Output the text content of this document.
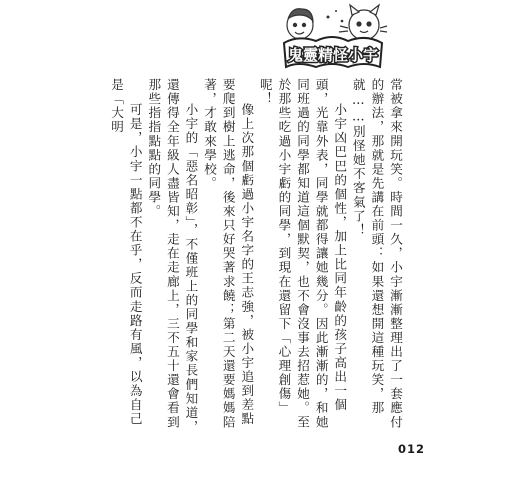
鬼靈精怪小宇

常被拿來開玩笑。時間一久，小宇漸漸整理出了一套應付的辦法，那就是先講在前頭：如果還想開這種玩笑，那就……別怪她不客氣了！

小宇凶巴巴的個性，加上比同年齡的孩子高出一個頭，光靠外表，同學就都得讓她幾分。因此漸漸的，和她同班過的同學都知道這個默契，也不會沒事去招惹她。至於那些吃過小宇虧的同學，到現在還留下「心理創傷」呢！

像上次那個虧過小宇名字的王志強，被小宇追到差點要爬到樹上逃命，後來只好哭著求饒；第二天還要媽媽陪著，才敢來學校。

小宇的「惡名昭彰」，不僅班上的同學和家長們知道，還傳得全年級人盡皆知，走在走廊上，三不五十還會看到那些指指點點的同學。

可是，小宇一點都不在乎，反而走路有風，以為自己是「大明

012
